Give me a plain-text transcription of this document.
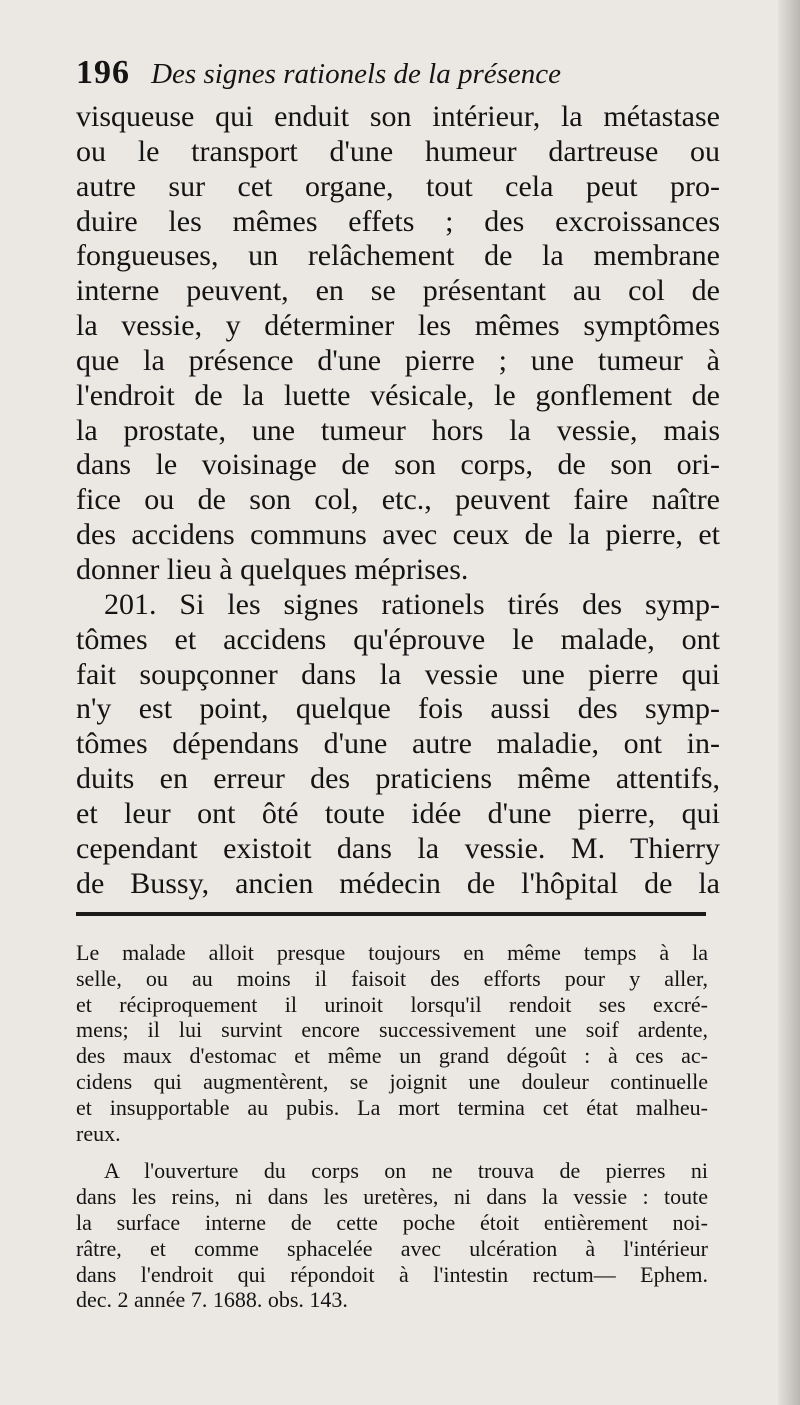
196 Des signes rationels de la présence
visqueuse qui enduit son intérieur, la métastase
ou le transport d'une humeur dartreuse ou
autre sur cet organe, tout cela peut pro-
duire les mêmes effets ; des excroissances
fongueuses, un relâchement de la membrane
interne peuvent, en se présentant au col de
la vessie, y déterminer les mêmes symptômes
que la présence d'une pierre ; une tumeur à
l'endroit de la luette vésicale, le gonflement de
la prostate, une tumeur hors la vessie, mais
dans le voisinage de son corps, de son ori-
fice ou de son col, etc., peuvent faire naître
des accidens communs avec ceux de la pierre, et
donner lieu à quelques méprises.
201. Si les signes rationels tirés des symp-
tômes et accidens qu'éprouve le malade, ont
fait soupçonner dans la vessie une pierre qui
n'y est point, quelque fois aussi des symp-
tômes dépendans d'une autre maladie, ont in-
duits en erreur des praticiens même attentifs,
et leur ont ôté toute idée d'une pierre, qui
cependant existoit dans la vessie. M. Thierry
de Bussy, ancien médecin de l'hôpital de la
Le malade alloit presque toujours en même temps à la
selle, ou au moins il faisoit des efforts pour y aller,
et réciproquement il urinoit lorsqu'il rendoit ses excré-
mens; il lui survint encore successivement une soif ardente,
des maux d'estomac et même un grand dégoût : à ces ac-
cidens qui augmentèrent, se joignit une douleur continuelle
et insupportable au pubis. La mort termina cet état malheu-
reux.
A l'ouverture du corps on ne trouva de pierres ni
dans les reins, ni dans les uretères, ni dans la vessie : toute
la surface interne de cette poche étoit entièrement noi-
râtre, et comme sphacelée avec ulcération à l'intérieur
dans l'endroit qui répondoit à l'intestin rectum— Ephem.
dec. 2 année 7. 1688. obs. 143.
